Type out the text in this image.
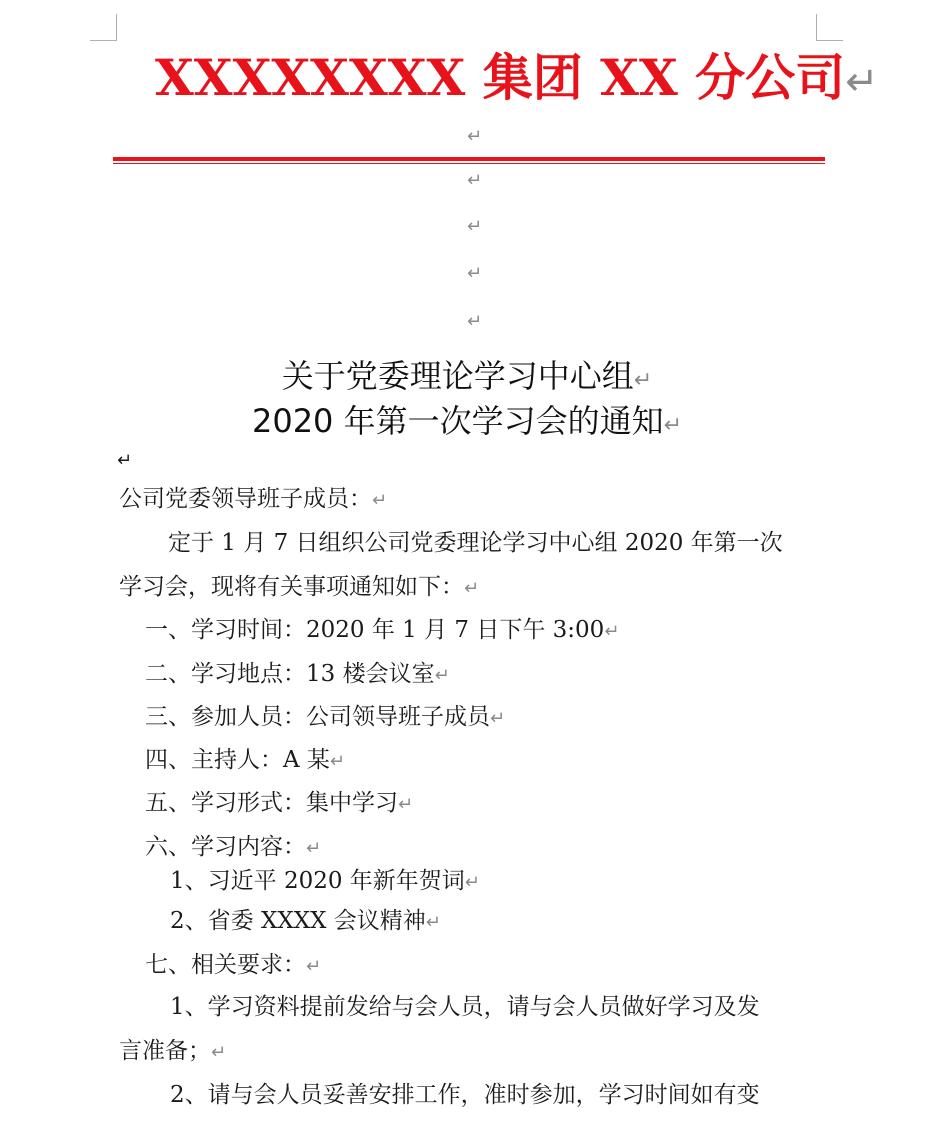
XXXXXXXX 集团 XX 分公司↵
↵
↵
↵
↵
↵
关于党委理论学习中心组↵
2020 年第一次学习会的通知↵
↵
公司党委领导班子成员：↵
定于 1 月 7 日组织公司党委理论学习中心组 2020 年第一次
学习会，现将有关事项通知如下：↵
一、学习时间：2020 年 1 月 7 日下午 3:00↵
二、学习地点：13 楼会议室↵
三、参加人员：公司领导班子成员↵
四、主持人：A 某↵
五、学习形式：集中学习↵
六、学习内容：↵
1、习近平 2020 年新年贺词↵
2、省委 XXXX 会议精神↵
七、相关要求：↵
1、学习资料提前发给与会人员，请与会人员做好学习及发
言准备；↵
2、请与会人员妥善安排工作，准时参加，学习时间如有变
